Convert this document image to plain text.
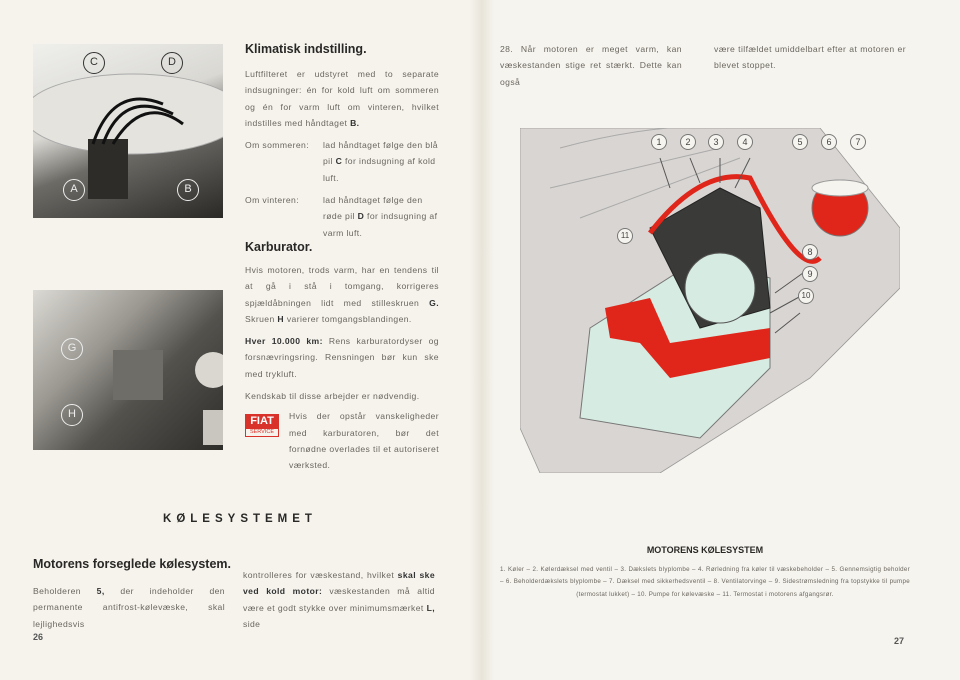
C	D
A	B
Klimatisk indstilling.

Luftfilteret er udstyret med to separate indsugninger: én for kold luft om sommeren og én for varm luft om vinteren, hvilket indstilles med håndtaget B.

Om sommeren:	lad håndtaget følge den blå pil C for indsugning af kold luft.
Om vinteren:	lad håndtaget følge den røde pil D for indsugning af varm luft.
G
H
Karburator.

Hvis motoren, trods varm, har en tendens til at gå i stå i tomgang, korrigeres spjældåbningen lidt med stilleskruen G. Skruen H varierer tomgangsblandingen.

Hver 10.000 km: Rens karburatordyser og forsnævringsring. Rensningen bør kun ske med trykluft.

Kendskab til disse arbejder er nødvendig.

FIAT
SERVICE

Hvis der opstår vanskeligheder med karburatoren, bør det fornødne overlades til et autoriseret værksted.

KØLESYSTEMET
Motorens forseglede kølesystem.

Beholderen 5, der indeholder den permanente antifrost-kølevæske, skal lejlighedsvis

kontrolleres for væskestand, hvilket skal ske ved kold motor: væskestanden må altid være et godt stykke over minimumsmærket L, side

26

28. Når motoren er meget varm, kan væskestanden stige ret stærkt. Dette kan også

være tilfældet umiddelbart efter at motoren er blevet stoppet.

1	2	3	4	5	6	7
8
9
10
11
MOTORENS KØLESYSTEM
1. Køler – 2. Kølerdæksel med ventil – 3. Dækslets blyplombe – 4. Rørledning fra køler til væskebeholder – 5. Gennemsigtig beholder – 6. Beholderdækslets blyplombe – 7. Dæksel med sikkerhedsventil – 8. Ventilatorvinge – 9. Sidestrømsledning fra topstykke til pumpe (termostat lukket) – 10. Pumpe for kølevæske – 11. Termostat i motorens afgangsrør.
27
